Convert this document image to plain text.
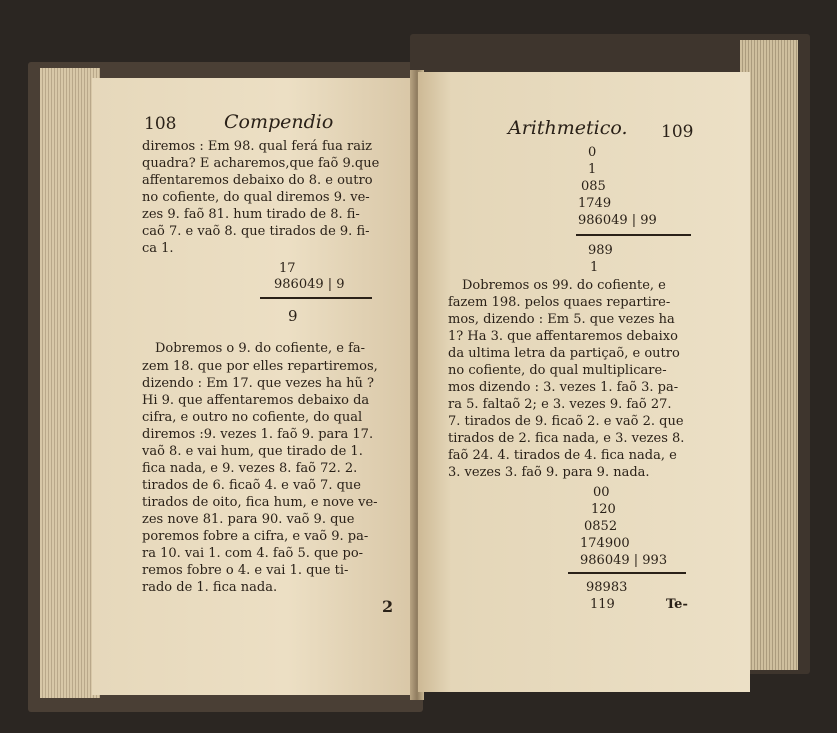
108	Compendio
diremos : Em 98. qual ferá fua raiz
quadra? E acharemos,que faõ 9.que
affentaremos debaixo do 8. e outro
no cofiente, do qual diremos 9. ve-
zes 9. faõ 81. hum tirado de 8. fi-
caõ 7. e vaõ 8. que tirados de 9. fi-
ca 1.
17
986049 | 9
9
Dobremos o 9. do cofiente, e fa-
zem 18. que por elles repartiremos,
dizendo : Em 17. que vezes ha hũ ?
Hi 9. que affentaremos debaixo da
cifra, e outro no cofiente, do qual
diremos :9. vezes 1. faõ 9. para 17.
vaõ 8. e vai hum, que tirado de 1.
fica nada, e 9. vezes 8. faõ 72. 2.
tirados de 6. ficaõ 4. e vaõ 7. que
tirados de oito, fica hum, e nove ve-
zes nove 81. para 90. vaõ 9. que
poremos fobre a cifra, e vaõ 9. pa-
ra 10. vai 1. com 4. faõ 5. que po-
remos fobre o 4. e vai 1. que ti-
rado de 1. fica nada.
2
Arithmetico. 109
0
1
085
1749
986049 | 99
989
1
Dobremos os 99. do cofiente, e
fazem 198. pelos quaes repartire-
mos, dizendo : Em 5. que vezes ha
1? Ha 3. que affentaremos debaixo
da ultima letra da partiçaõ, e outro
no cofiente, do qual multiplicare-
mos dizendo : 3. vezes 1. faõ 3. pa-
ra 5. faltaõ 2; e 3. vezes 9. faõ 27.
7. tirados de 9. ficaõ 2. e vaõ 2. que
tirados de 2. fica nada, e 3. vezes 8.
faõ 24. 4. tirados de 4. fica nada, e
3. vezes 3. faõ 9. para 9. nada.
00
120
0852
174900
986049 | 993
98983
119	Te-
